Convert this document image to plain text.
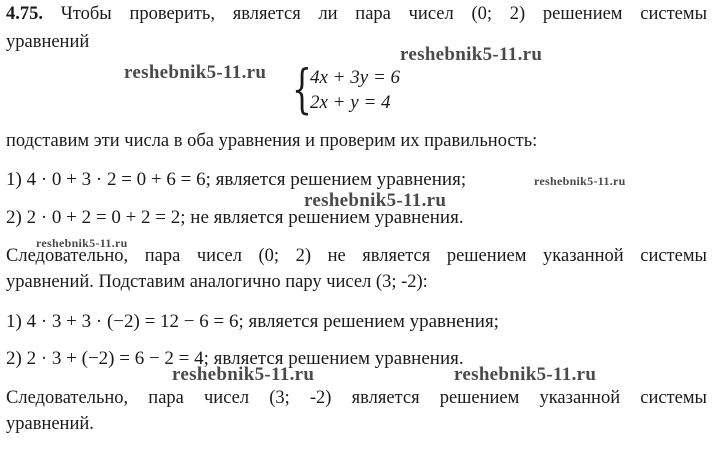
4.75. Чтобы проверить, является ли пара чисел (0; 2) решением системы
уравнений
{
4x + 3y = 6
2x + y = 4
подставим эти числа в оба уравнения и проверим их правильность:
1) 4 · 0 + 3 · 2 = 0 + 6 = 6; является решением уравнения;
2) 2 · 0 + 2 = 0 + 2 = 2; не является решением уравнения.
Следовательно, пара чисел (0; 2) не является решением указанной системы
уравнений. Подставим аналогично пару чисел (3; -2):
1) 4 · 3 + 3 · (−2) = 12 − 6 = 6; является решением уравнения;
2) 2 · 3 + (−2) = 6 − 2 = 4; является решением уравнения.
Следовательно, пара чисел (3; -2) является решением указанной системы
уравнений.
reshebnik5-11.ru
reshebnik5-11.ru
reshebnik5-11.ru
reshebnik5-11.ru
reshebnik5-11.ru
reshebnik5-11.ru	reshebnik5-11.ru
